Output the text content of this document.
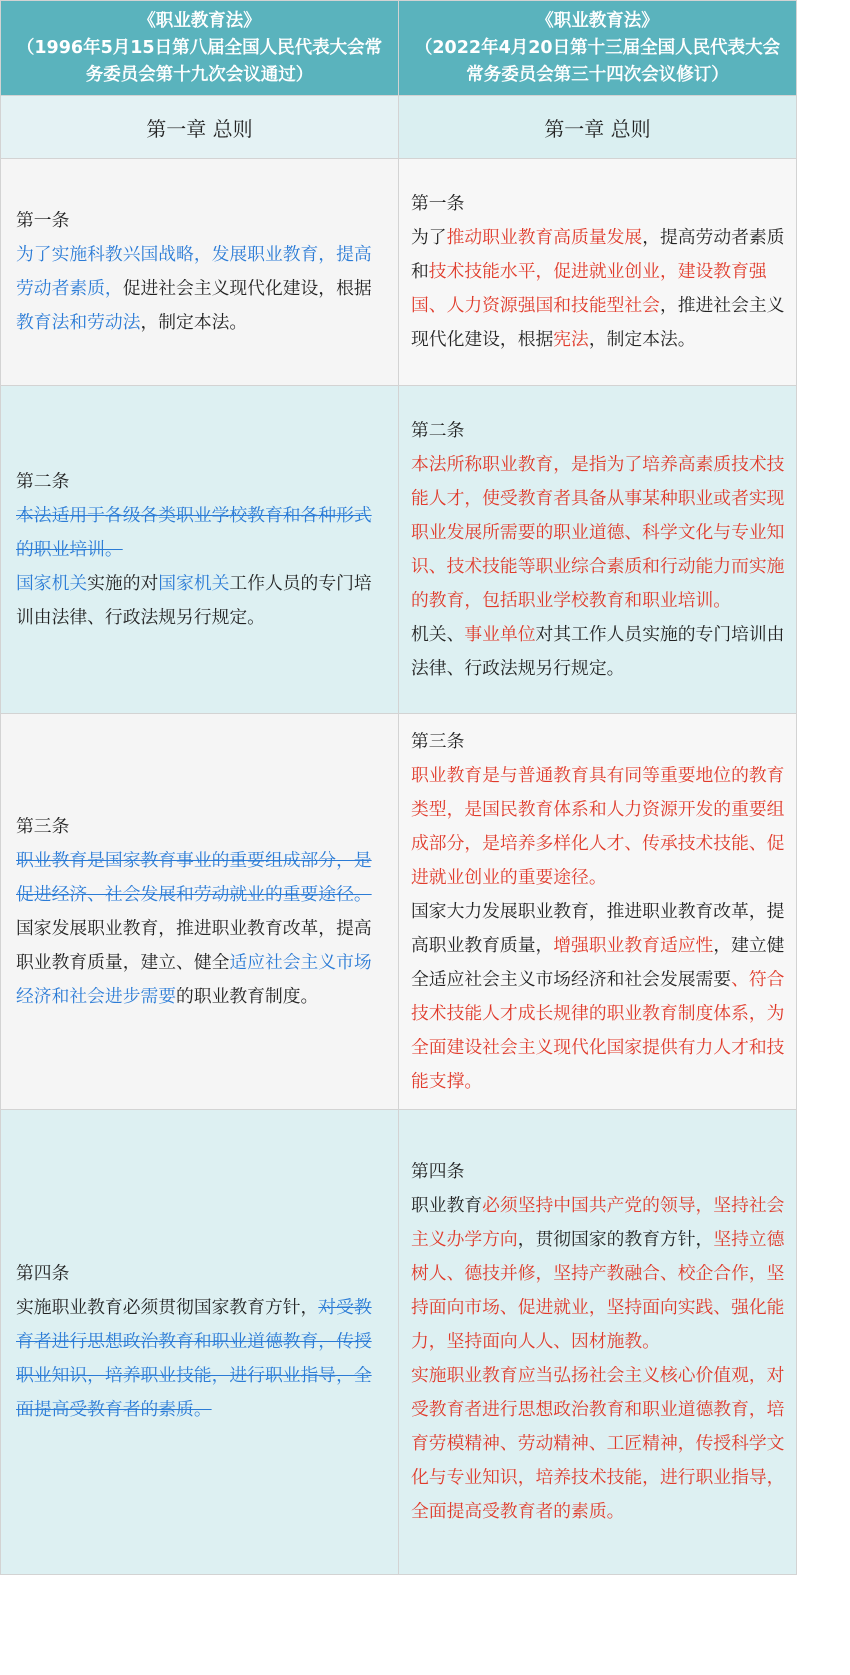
《职业教育法》
（1996年5月15日第八届全国人民代表大会常
务委员会第十九次会议通过）	《职业教育法》
（2022年4月20日第十三届全国人民代表大会
常务委员会第三十四次会议修订）

第一章 总则	第一章 总则

第一条
为了实施科教兴国战略，发展职业教育，提高劳动者素质，促进社会主义现代化建设，根据教育法和劳动法，制定本法。	第一条
为了推动职业教育高质量发展，提高劳动者素质和技术技能水平，促进就业创业，建设教育强国、人力资源强国和技能型社会，推进社会主义现代化建设，根据宪法，制定本法。

第二条
本法适用于各级各类职业学校教育和各种形式的职业培训。
国家机关实施的对国家机关工作人员的专门培训由法律、行政法规另行规定。	第二条
本法所称职业教育，是指为了培养高素质技术技能人才，使受教育者具备从事某种职业或者实现职业发展所需要的职业道德、科学文化与专业知识、技术技能等职业综合素质和行动能力而实施的教育，包括职业学校教育和职业培训。
机关、事业单位对其工作人员实施的专门培训由法律、行政法规另行规定。

第三条
职业教育是国家教育事业的重要组成部分，是促进经济、社会发展和劳动就业的重要途径。
国家发展职业教育，推进职业教育改革，提高职业教育质量，建立、健全适应社会主义市场经济和社会进步需要的职业教育制度。	第三条
职业教育是与普通教育具有同等重要地位的教育类型，是国民教育体系和人力资源开发的重要组成部分，是培养多样化人才、传承技术技能、促进就业创业的重要途径。
国家大力发展职业教育，推进职业教育改革，提高职业教育质量，增强职业教育适应性，建立健全适应社会主义市场经济和社会发展需要、符合技术技能人才成长规律的职业教育制度体系，为全面建设社会主义现代化国家提供有力人才和技能支撑。

第四条
实施职业教育必须贯彻国家教育方针，对受教育者进行思想政治教育和职业道德教育，传授职业知识，培养职业技能，进行职业指导，全面提高受教育者的素质。	第四条
职业教育必须坚持中国共产党的领导，坚持社会主义办学方向，贯彻国家的教育方针，坚持立德树人、德技并修，坚持产教融合、校企合作，坚持面向市场、促进就业，坚持面向实践、强化能力，坚持面向人人、因材施教。
实施职业教育应当弘扬社会主义核心价值观，对受教育者进行思想政治教育和职业道德教育，培育劳模精神、劳动精神、工匠精神，传授科学文化与专业知识，培养技术技能，进行职业指导，全面提高受教育者的素质。
